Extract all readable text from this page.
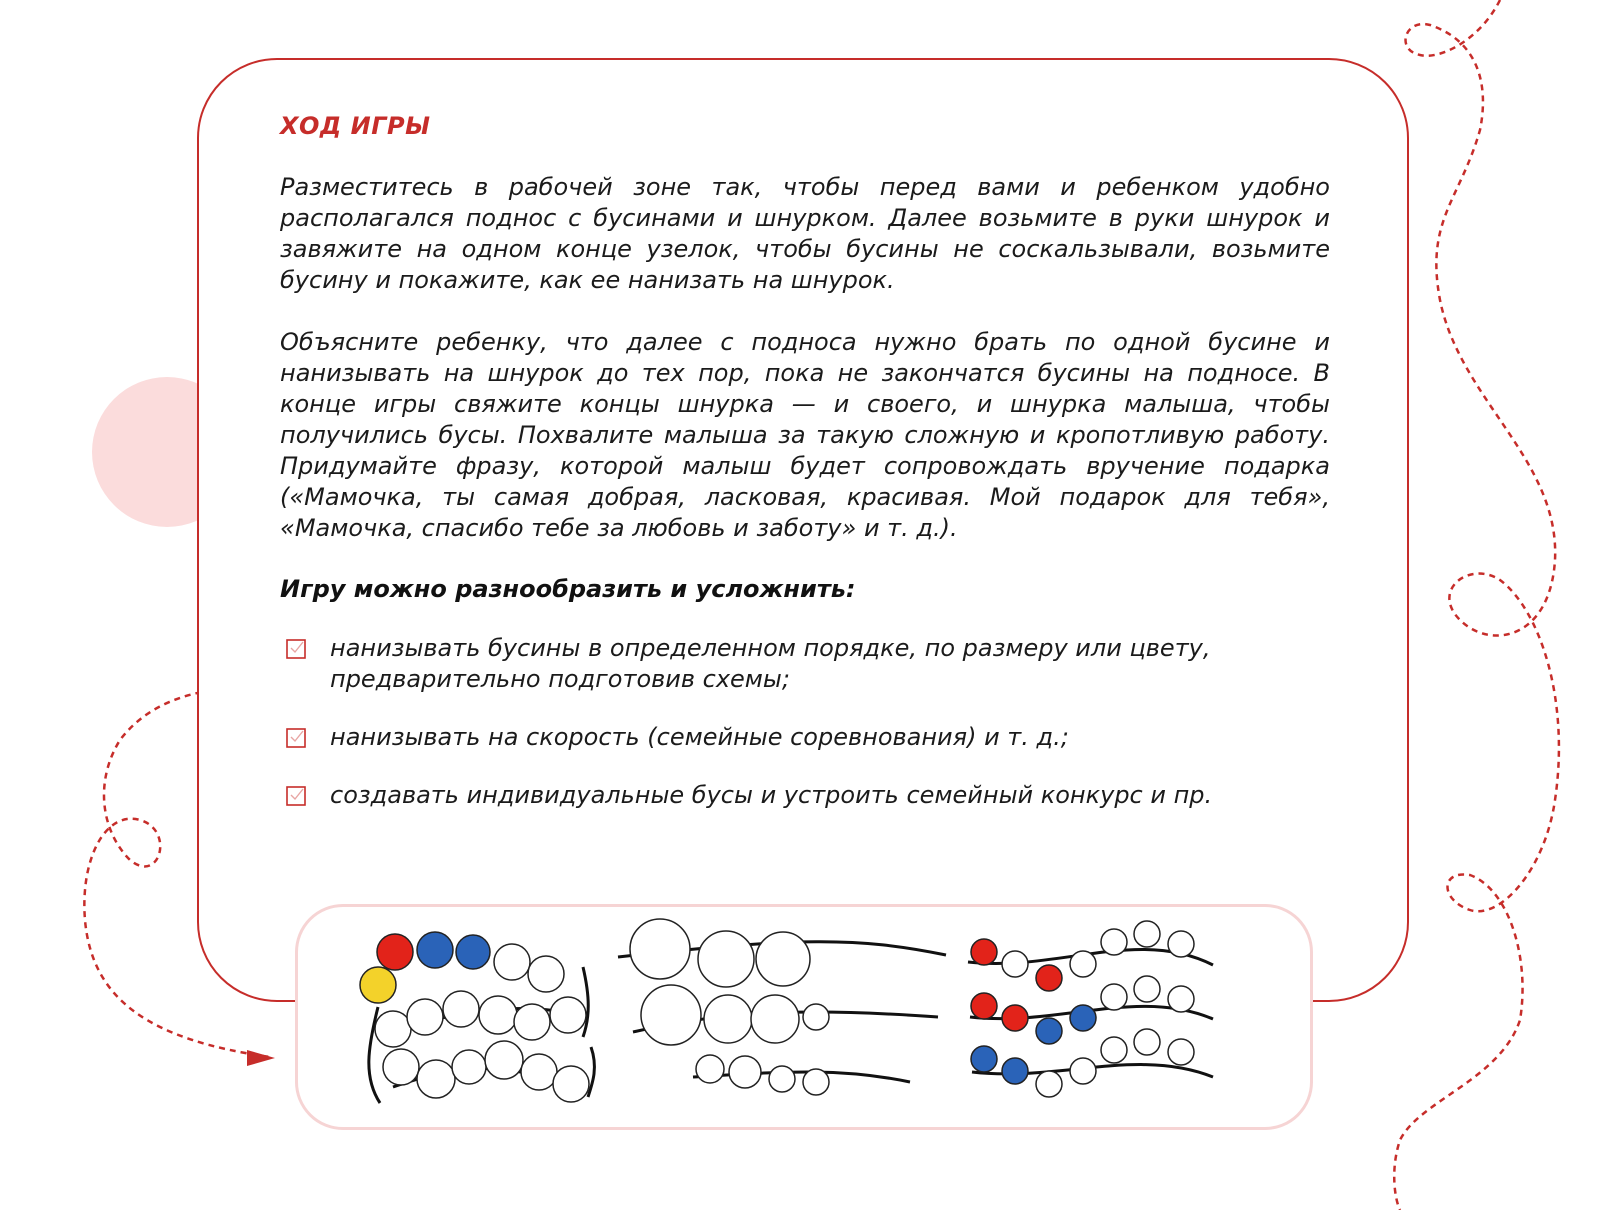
ХОД ИГРЫ

Разместитесь в рабочей зоне так, чтобы перед вами и ребенком удобно располагался поднос с бусинами и шнурком. Далее возьмите в руки шнурок и завяжите на одном конце узелок, чтобы бусины не соскальзывали, возьмите бусину и покажите, как ее нанизать на шнурок.

Объясните ребенку, что далее с подноса нужно брать по одной бусине и нанизывать на шнурок до тех пор, пока не закончатся бусины на подносе. В конце игры свяжите концы шнурка — и своего, и шнурка малыша, чтобы получились бусы. Похвалите малыша за такую сложную и кропотливую работу. Придумайте фразу, которой малыш будет сопровождать вручение подарка («Мамочка, ты самая добрая, ласковая, красивая. Мой подарок для тебя», «Мамочка, спасибо тебе за любовь и заботу» и т. д.).

Игру можно разнообразить и усложнить:
нанизывать бусины в определенном порядке, по размеру или цвету, предварительно подготовив схемы;
нанизывать на скорость (семейные соревнования) и т. д.;
создавать индивидуальные бусы и устроить семейный конкурс и пр.
